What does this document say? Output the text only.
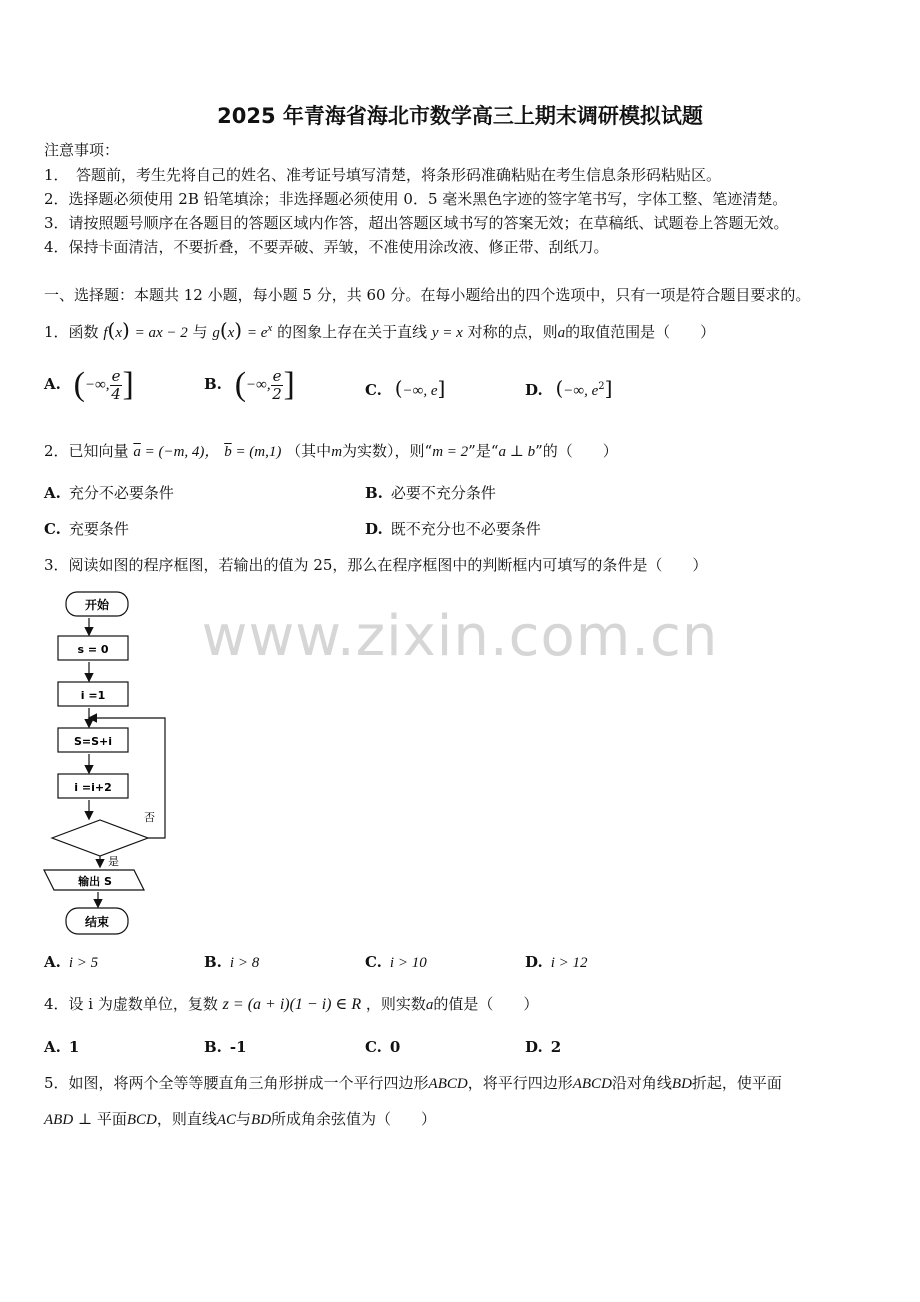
2025 年青海省海北市数学高三上期末调研模拟试题
注意事项：
1．　答题前，考生先将自己的姓名、准考证号填写清楚，将条形码准确粘贴在考生信息条形码粘贴区。
2．选择题必须使用 2B 铅笔填涂；非选择题必须使用 0．5 毫米黑色字迹的签字笔书写，字体工整、笔迹清楚。
3．请按照题号顺序在各题目的答题区域内作答，超出答题区域书写的答案无效；在草稿纸、试题卷上答题无效。
4．保持卡面清洁，不要折叠，不要弄破、弄皱，不准使用涂改液、修正带、刮纸刀。
一、选择题：本题共 12 小题，每小题 5 分，共 60 分。在每小题给出的四个选项中，只有一项是符合题目要求的。
1．函数 f(x) = ax − 2 与 $g(x) = e^x$ 的图象上存在关于直线 y = x 对称的点，则a的取值范围是（　　）
A. (−∞, $\frac{e}{4}$ ]	B. (−∞, $\frac{e}{2}$ ]	C. (−∞, e]	D. (−∞, $e^2$]
2．已知向量 $\overline{a} = (-m$, 4)， $\overline{b} = (m,1)$ （其中m为实数），则“m = 2”是“a ⊥ b”的（　　）
A. 充分不必要条件	B. 必要不充分条件
C. 充要条件	D. 既不充分也不必要条件
3．阅读如图的程序框图，若输出的值为 25，那么在程序框图中的判断框内可填写的条件是（　　）
www.zixin.com.cn
开始
s = 0
i =1
S=S+i
i =i+2
否
是
输出 S
结束
A. i > 5	B. i > 8	C. i > 10	D. i > 12
4．设 i 为虚数单位，复数 z = (a + i)(1 − i) ∈ R ，则实数a的值是（　　）
A. 1	B. -1	C. 0	D. 2
5．如图，将两个全等等腰直角三角形拼成一个平行四边形ABCD，将平行四边形ABCD沿对角线BD折起，使平面
ABD ⊥ 平面BCD，则直线AC与BD所成角余弦值为（　　）
